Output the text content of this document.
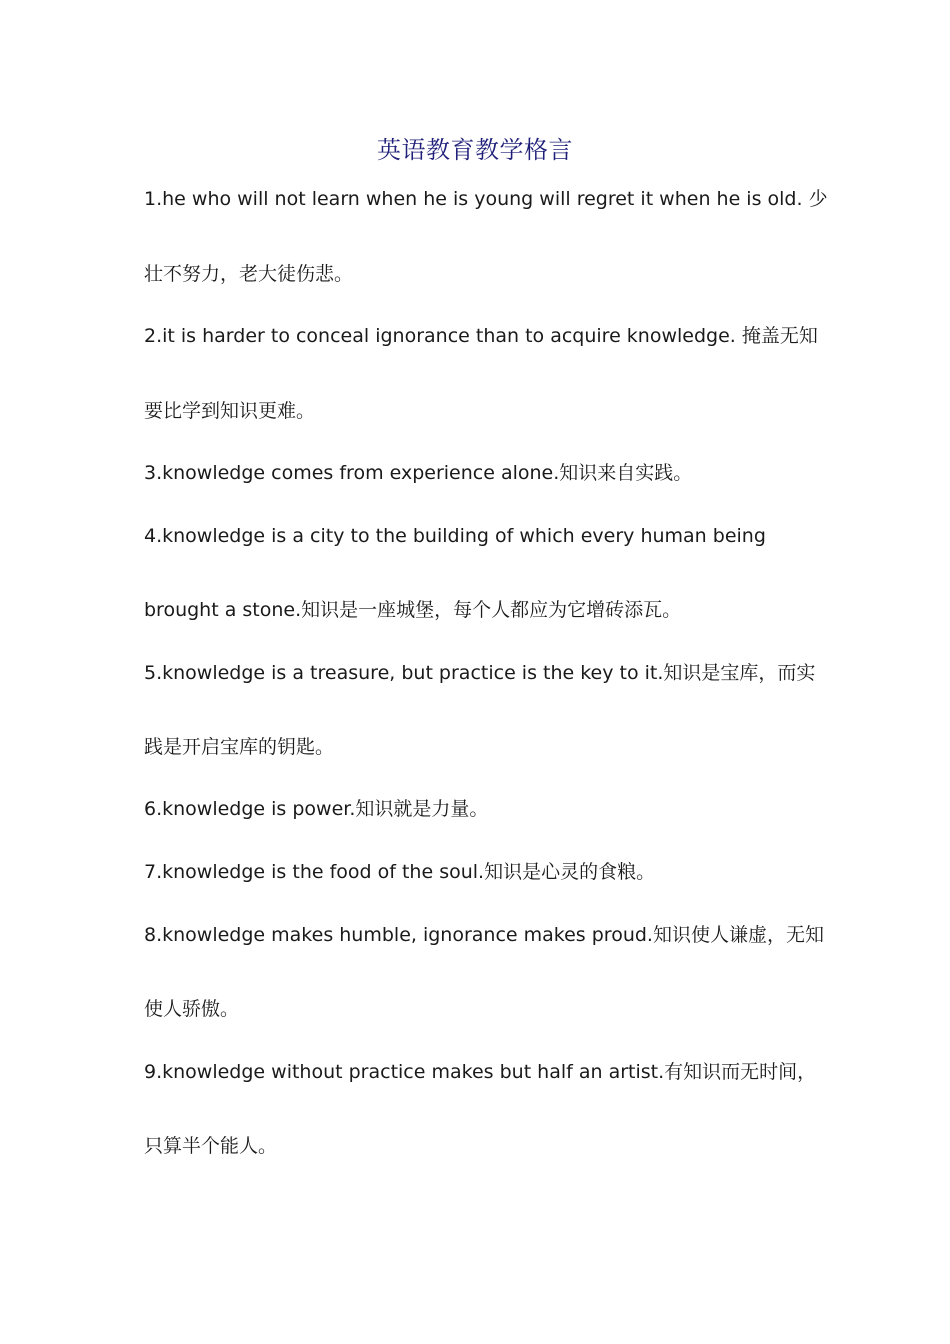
英语教育教学格言
1.he who will not learn when he is young will regret it when he is old. 少
壮不努力，老大徒伤悲。
2.it is harder to conceal ignorance than to acquire knowledge. 掩盖无知
要比学到知识更难。
3.knowledge comes from experience alone.知识来自实践。
4.knowledge is a city to the building of which every human being
brought a stone.知识是一座城堡，每个人都应为它增砖添瓦。
5.knowledge is a treasure, but practice is the key to it.知识是宝库，而实
践是开启宝库的钥匙。
6.knowledge is power.知识就是力量。
7.knowledge is the food of the soul.知识是心灵的食粮。
8.knowledge makes humble, ignorance makes proud.知识使人谦虚，无知
使人骄傲。
9.knowledge without practice makes but half an artist.有知识而无时间，
只算半个能人。
